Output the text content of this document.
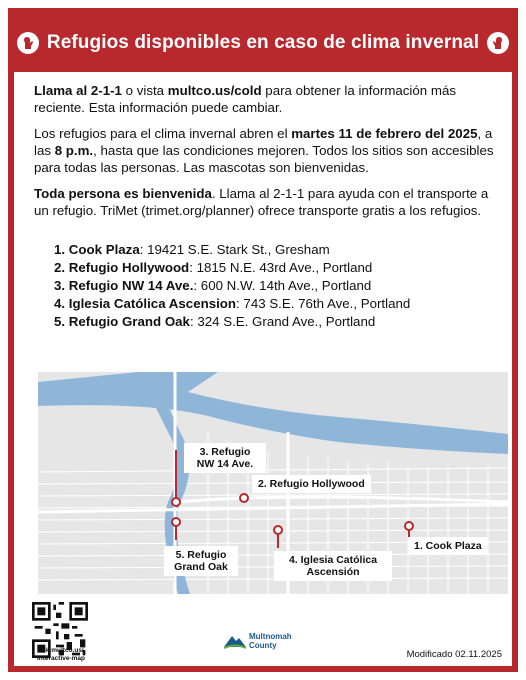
Refugios disponibles en caso de clima invernal

Llama al 2-1-1 o vista multco.us/cold para obtener la información más reciente. Esta información puede cambiar.

Los refugios para el clima invernal abren el martes 11 de febrero del 2025, a las 8 p.m., hasta que las condiciones mejoren. Todos los sitios son accesibles para todas las personas. Las mascotas son bienvenidas.

Toda persona es bienvenida. Llama al 2-1-1 para ayuda con el transporte a un refugio. TriMet (trimet.org/planner) ofrece transporte gratis a los refugios.

1. Cook Plaza: 19421 S.E. Stark St., Gresham
2. Refugio Hollywood: 1815 N.E. 43rd Ave., Portland
3. Refugio NW 14 Ave.: 600 N.W. 14th Ave., Portland
4. Iglesia Católica Ascension: 743 S.E. 76th Ave., Portland
5. Refugio Grand Oak: 324 S.E. Grand Ave., Portland
3. Refugio NW 14 Ave.
2. Refugio Hollywood
5. Refugio Grand Oak
4. Iglesia Católica Ascensión
1. Cook Plaza
link.multco.us/ interactive-map
Multnomah
County
Modificado 02.11.2025
